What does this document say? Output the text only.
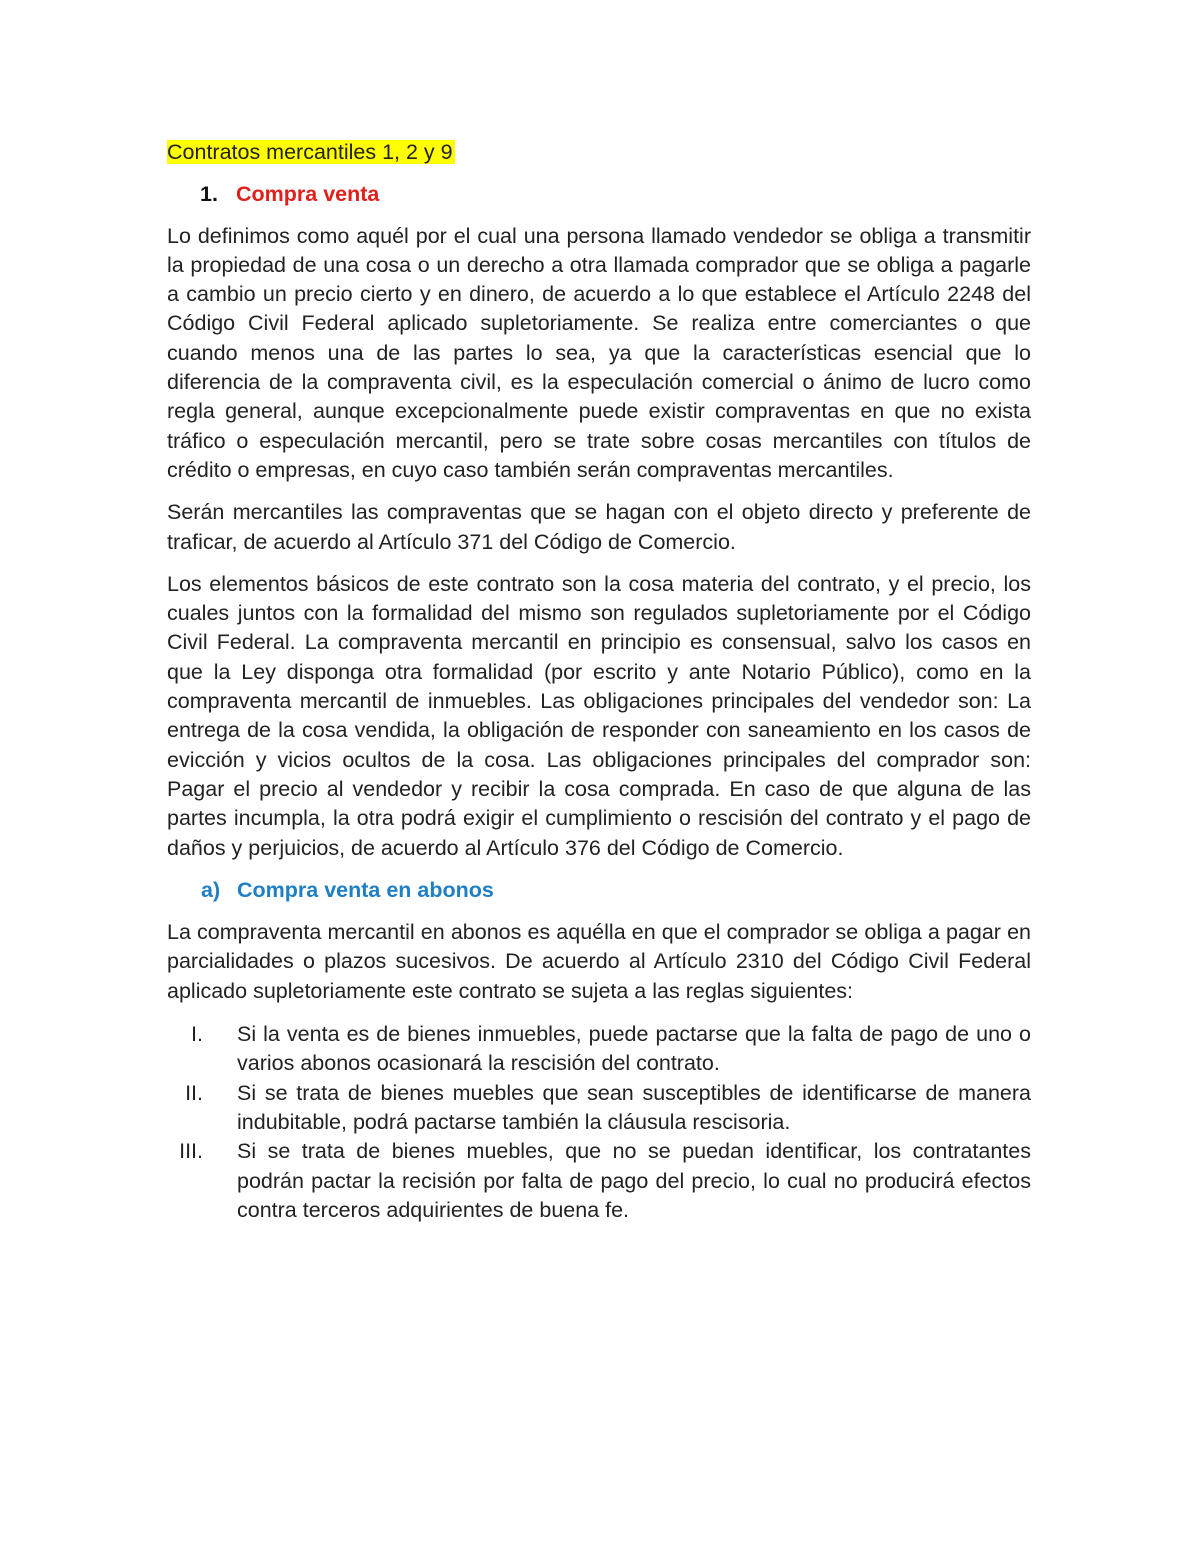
Contratos mercantiles 1, 2 y 9
1. Compra venta

Lo definimos como aquél por el cual una persona llamado vendedor se obliga a transmitir la propiedad de una cosa o un derecho a otra llamada comprador que se obliga a pagarle a cambio un precio cierto y en dinero, de acuerdo a lo que establece el Artículo 2248 del Código Civil Federal aplicado supletoriamente. Se realiza entre comerciantes o que cuando menos una de las partes lo sea, ya que la características esencial que lo diferencia de la compraventa civil, es la especulación comercial o ánimo de lucro como regla general, aunque excepcionalmente puede existir compraventas en que no exista tráfico o especulación mercantil, pero se trate sobre cosas mercantiles con títulos de crédito o empresas, en cuyo caso también serán compraventas mercantiles.

Serán mercantiles las compraventas que se hagan con el objeto directo y preferente de traficar, de acuerdo al Artículo 371 del Código de Comercio.

Los elementos básicos de este contrato son la cosa materia del contrato, y el precio, los cuales juntos con la formalidad del mismo son regulados supletoriamente por el Código Civil Federal. La compraventa mercantil en principio es consensual, salvo los casos en que la Ley disponga otra formalidad (por escrito y ante Notario Público), como en la compraventa mercantil de inmuebles. Las obligaciones principales del vendedor son: La entrega de la cosa vendida, la obligación de responder con saneamiento en los casos de evicción y vicios ocultos de la cosa. Las obligaciones principales del comprador son: Pagar el precio al vendedor y recibir la cosa comprada. En caso de que alguna de las partes incumpla, la otra podrá exigir el cumplimiento o rescisión del contrato y el pago de daños y perjuicios, de acuerdo al Artículo 376 del Código de Comercio.

a) Compra venta en abonos

La compraventa mercantil en abonos es aquélla en que el comprador se obliga a pagar en parcialidades o plazos sucesivos. De acuerdo al Artículo 2310 del Código Civil Federal aplicado supletoriamente este contrato se sujeta a las reglas siguientes:

I.	Si la venta es de bienes inmuebles, puede pactarse que la falta de pago de uno o varios abonos ocasionará la rescisión del contrato.
II.	Si se trata de bienes muebles que sean susceptibles de identificarse de manera indubitable, podrá pactarse también la cláusula rescisoria.
III.	Si se trata de bienes muebles, que no se puedan identificar, los contratantes podrán pactar la recisión por falta de pago del precio, lo cual no producirá efectos contra terceros adquirientes de buena fe.
